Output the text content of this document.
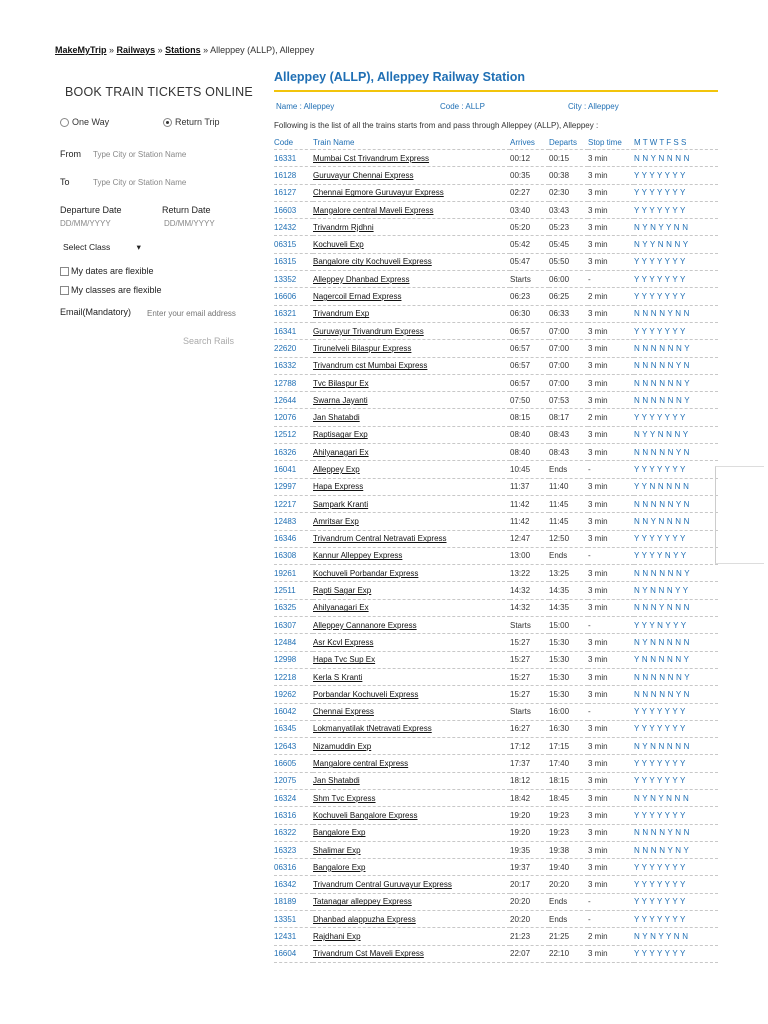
MakeMyTrip » Railways » Stations » Alleppey (ALLP), Alleppey
BOOK TRAIN TICKETS ONLINE
One Way	Return Trip
From Type City or Station Name
To	Type City or Station Name
Departure Date	Return Date
DD/MM/YYYY	DD/MM/YYYY
Select Class	▾
My dates are flexible
My classes are flexible
Email(Mandatory) Enter your email address
Search Rails
Alleppey (ALLP), Alleppey Railway Station
Name : Alleppey	Code : ALLP	City : Alleppey
Following is the list of all the trains starts from and pass through Alleppey (ALLP), Alleppey :
Code	Train Name	Arrives	Departs	Stop time	M T W T F S S
16331	Mumbai Cst Trivandrum Express	00:12	00:15	3 min	N N Y N N N N
16128	Guruvayur Chennai Express	00:35	00:38	3 min	Y Y Y Y Y Y Y
16127	Chennai Egmore Guruvayur Express	02:27	02:30	3 min	Y Y Y Y Y Y Y
16603	Mangalore central Maveli Express	03:40	03:43	3 min	Y Y Y Y Y Y Y
12432	Trivandrm Rjdhni	05:20	05:23	3 min	N Y N Y Y N N
06315	Kochuveli Exp	05:42	05:45	3 min	N Y Y N N N Y
16315	Bangalore city Kochuveli Express	05:47	05:50	3 min	Y Y Y Y Y Y Y
13352	Alleppey Dhanbad Express	Starts	06:00	-	Y Y Y Y Y Y Y
16606	Nagercoil Ernad Express	06:23	06:25	2 min	Y Y Y Y Y Y Y
16321	Trivandrum Exp	06:30	06:33	3 min	N N N N Y N N
16341	Guruvayur Trivandrum Express	06:57	07:00	3 min	Y Y Y Y Y Y Y
22620	Tirunelveli Bilaspur Express	06:57	07:00	3 min	N N N N N N Y
16332	Trivandrum cst Mumbai Express	06:57	07:00	3 min	N N N N N Y N
12788	Tvc Bilaspur Ex	06:57	07:00	3 min	N N N N N N Y
12644	Swarna Jayanti	07:50	07:53	3 min	N N N N N N Y
12076	Jan Shatabdi	08:15	08:17	2 min	Y Y Y Y Y Y Y
12512	Raptisagar Exp	08:40	08:43	3 min	N Y Y N N N Y
16326	Ahilyanagari Ex	08:40	08:43	3 min	N N N N N Y N
16041	Alleppey Exp	10:45	Ends	-	Y Y Y Y Y Y Y
12997	Hapa Express	11:37	11:40	3 min	Y Y N N N N N
12217	Sampark Kranti	11:42	11:45	3 min	N N N N N Y N
12483	Amritsar Exp	11:42	11:45	3 min	N N Y N N N N
16346	Trivandrum Central Netravati Express	12:47	12:50	3 min	Y Y Y Y Y Y Y
16308	Kannur Alleppey Express	13:00	Ends	-	Y Y Y Y N Y Y
19261	Kochuveli Porbandar Express	13:22	13:25	3 min	N N N N N N Y
12511	Rapti Sagar Exp	14:32	14:35	3 min	N Y N N N Y Y
16325	Ahilyanagari Ex	14:32	14:35	3 min	N N N Y N N N
16307	Alleppey Cannanore Express	Starts	15:00	-	Y Y Y N Y Y Y
12484	Asr Kcvl Express	15:27	15:30	3 min	N Y N N N N N
12998	Hapa Tvc Sup Ex	15:27	15:30	3 min	Y N N N N N Y
12218	Kerla S Kranti	15:27	15:30	3 min	N N N N N N Y
19262	Porbandar Kochuveli Express	15:27	15:30	3 min	N N N N N Y N
16042	Chennai Express	Starts	16:00	-	Y Y Y Y Y Y Y
16345	Lokmanyatilak tNetravati Express	16:27	16:30	3 min	Y Y Y Y Y Y Y
12643	Nizamuddin Exp	17:12	17:15	3 min	N Y N N N N N
16605	Mangalore central Express	17:37	17:40	3 min	Y Y Y Y Y Y Y
12075	Jan Shatabdi	18:12	18:15	3 min	Y Y Y Y Y Y Y
16324	Shm Tvc Express	18:42	18:45	3 min	N Y N Y N N N
16316	Kochuveli Bangalore Express	19:20	19:23	3 min	Y Y Y Y Y Y Y
16322	Bangalore Exp	19:20	19:23	3 min	N N N N Y N N
16323	Shalimar Exp	19:35	19:38	3 min	N N N N Y N Y
06316	Bangalore Exp	19:37	19:40	3 min	Y Y Y Y Y Y Y
16342	Trivandrum Central Guruvayur Express	20:17	20:20	3 min	Y Y Y Y Y Y Y
18189	Tatanagar alleppey Express	20:20	Ends	-	Y Y Y Y Y Y Y
13351	Dhanbad alappuzha Express	20:20	Ends	-	Y Y Y Y Y Y Y
12431	Rajdhani Exp	21:23	21:25	2 min	N Y N Y Y N N
16604	Trivandrum Cst Maveli Express	22:07	22:10	3 min	Y Y Y Y Y Y Y
